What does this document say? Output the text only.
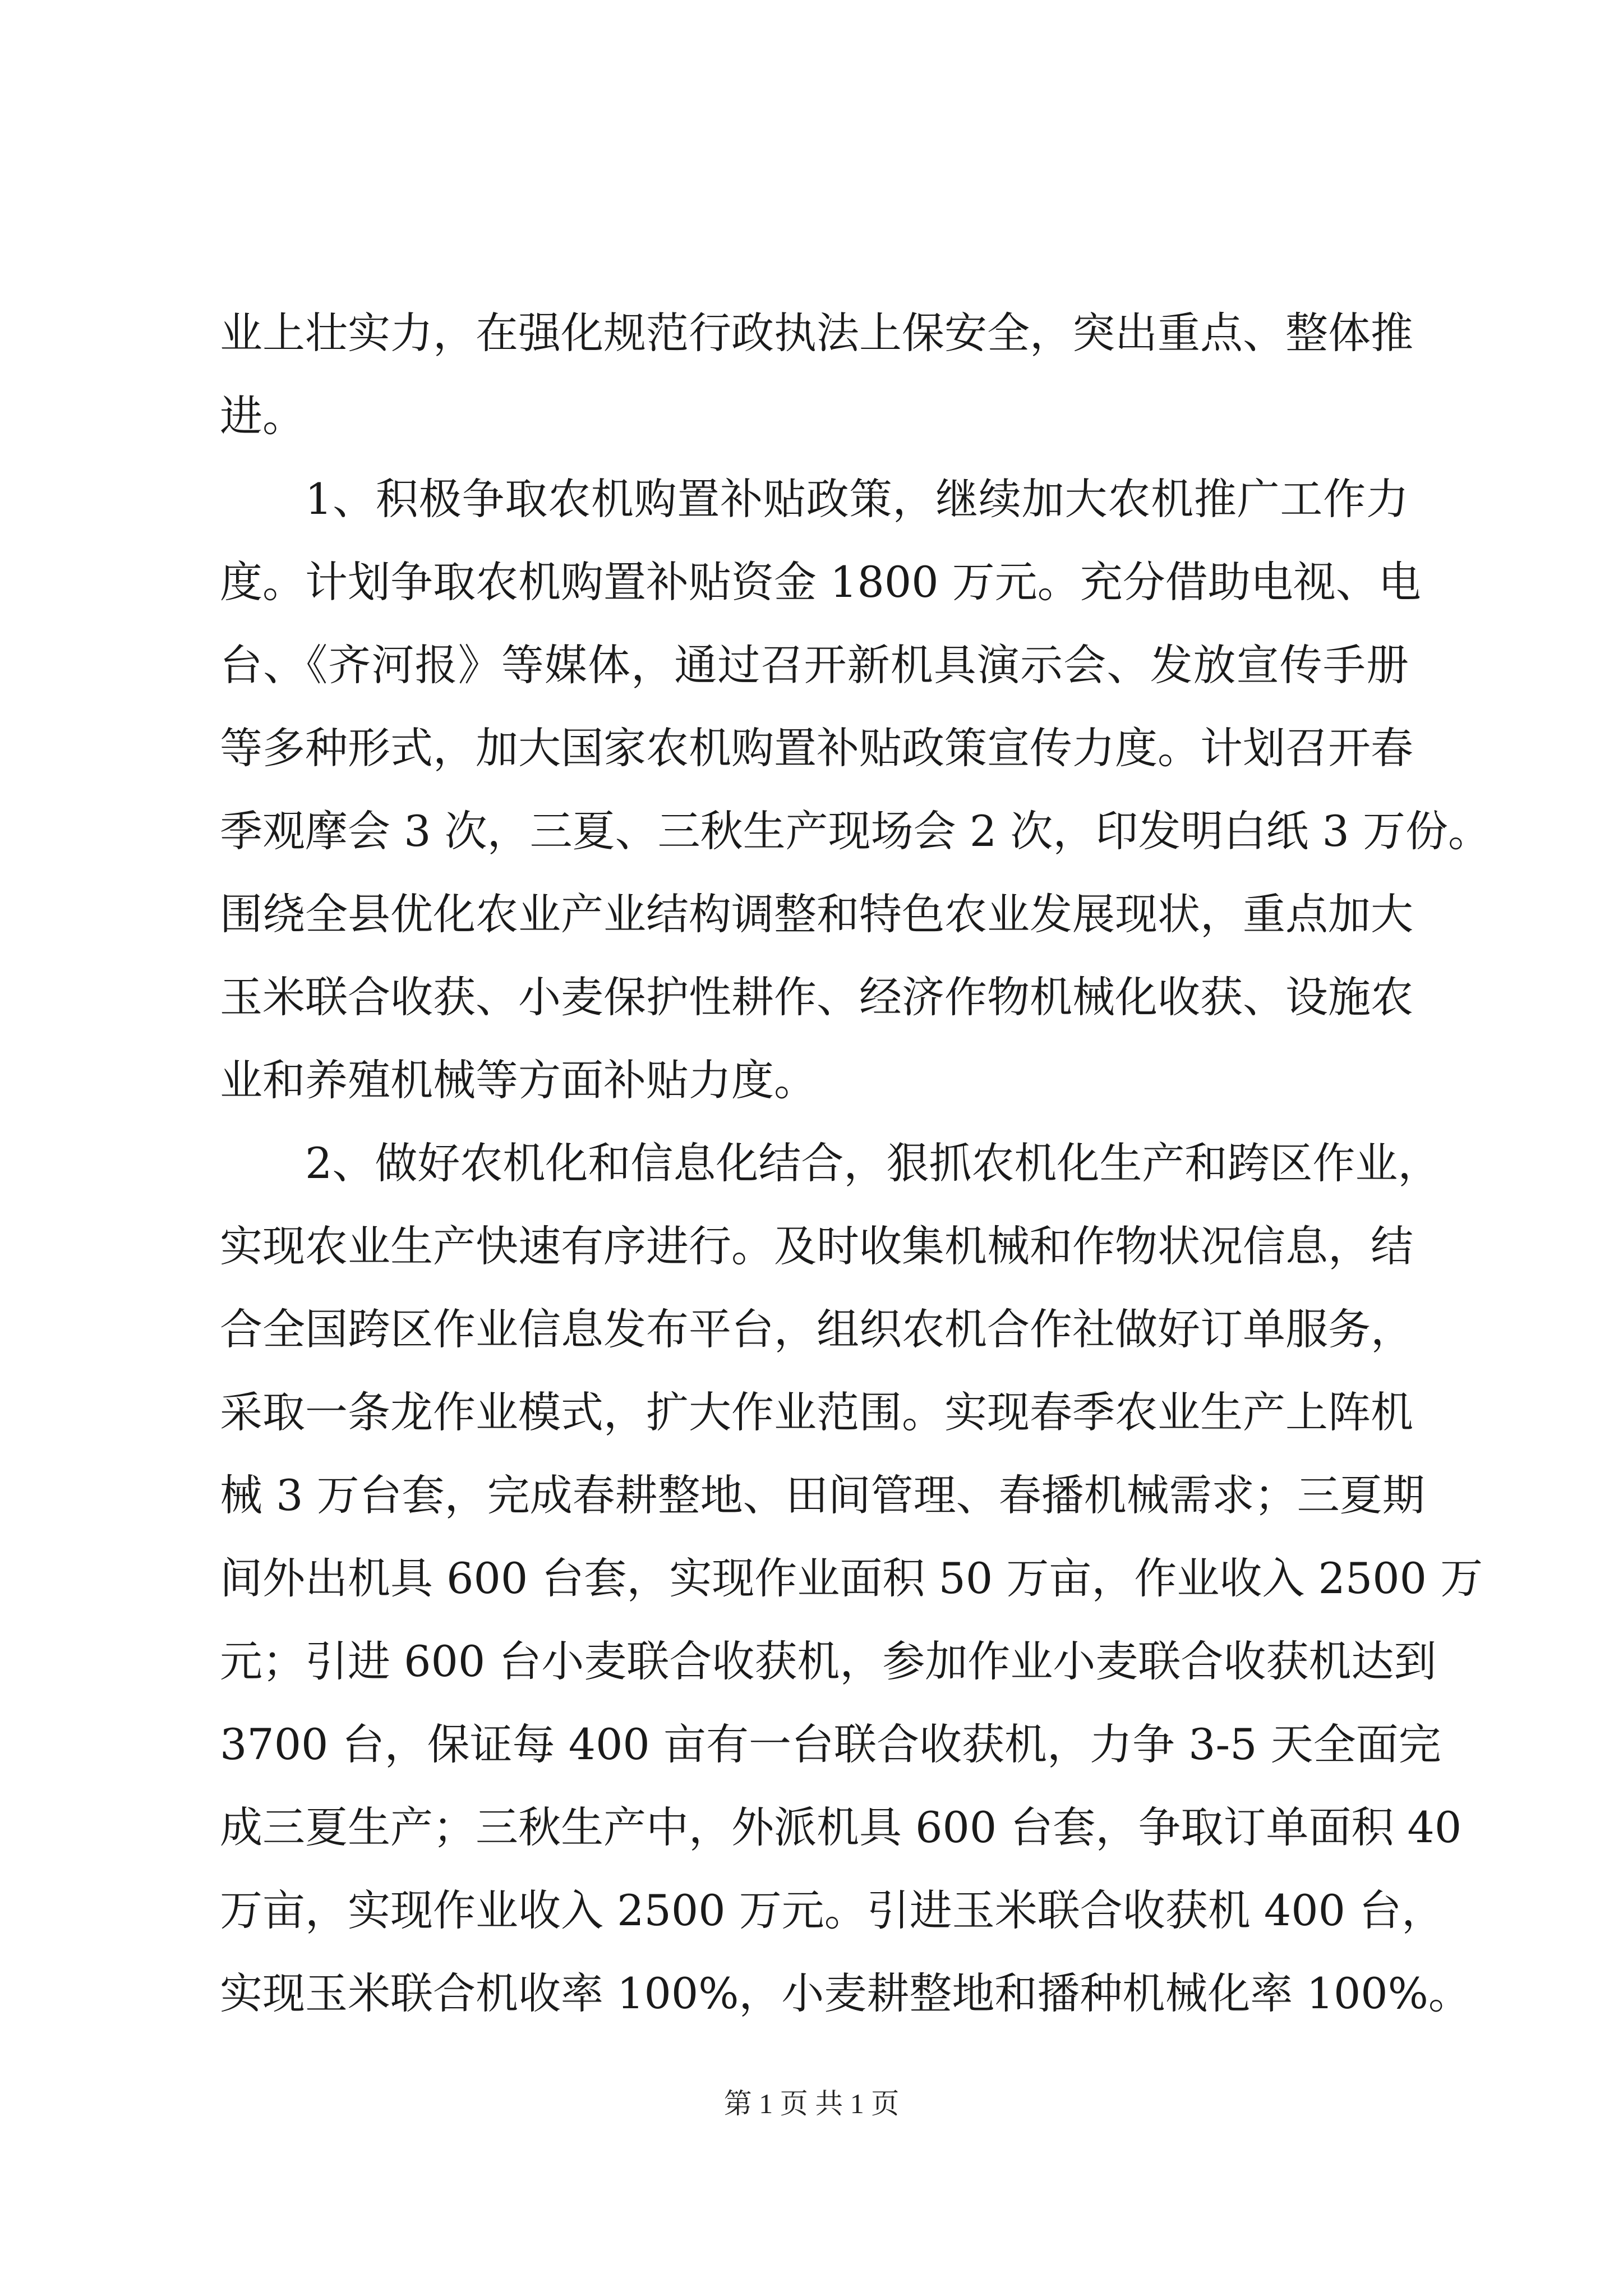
业上壮实力，在强化规范行政执法上保安全，突出重点、整体推
进。
1、积极争取农机购置补贴政策，继续加大农机推广工作力
度。计划争取农机购置补贴资金 1800 万元。充分借助电视、电
台、《齐河报》等媒体，通过召开新机具演示会、发放宣传手册
等多种形式，加大国家农机购置补贴政策宣传力度。计划召开春
季观摩会 3 次，三夏、三秋生产现场会 2 次，印发明白纸 3 万份。
围绕全县优化农业产业结构调整和特色农业发展现状，重点加大
玉米联合收获、小麦保护性耕作、经济作物机械化收获、设施农
业和养殖机械等方面补贴力度。
2、做好农机化和信息化结合，狠抓农机化生产和跨区作业，
实现农业生产快速有序进行。及时收集机械和作物状况信息，结
合全国跨区作业信息发布平台，组织农机合作社做好订单服务，
采取一条龙作业模式，扩大作业范围。实现春季农业生产上阵机
械 3 万台套，完成春耕整地、田间管理、春播机械需求；三夏期
间外出机具 600 台套，实现作业面积 50 万亩，作业收入 2500 万
元；引进 600 台小麦联合收获机，参加作业小麦联合收获机达到
3700 台，保证每 400 亩有一台联合收获机，力争 3-5 天全面完
成三夏生产；三秋生产中，外派机具 600 台套，争取订单面积 40
万亩，实现作业收入 2500 万元。引进玉米联合收获机 400 台，
实现玉米联合机收率 100%，小麦耕整地和播种机械化率 100%。
第 1 页 共 1 页
